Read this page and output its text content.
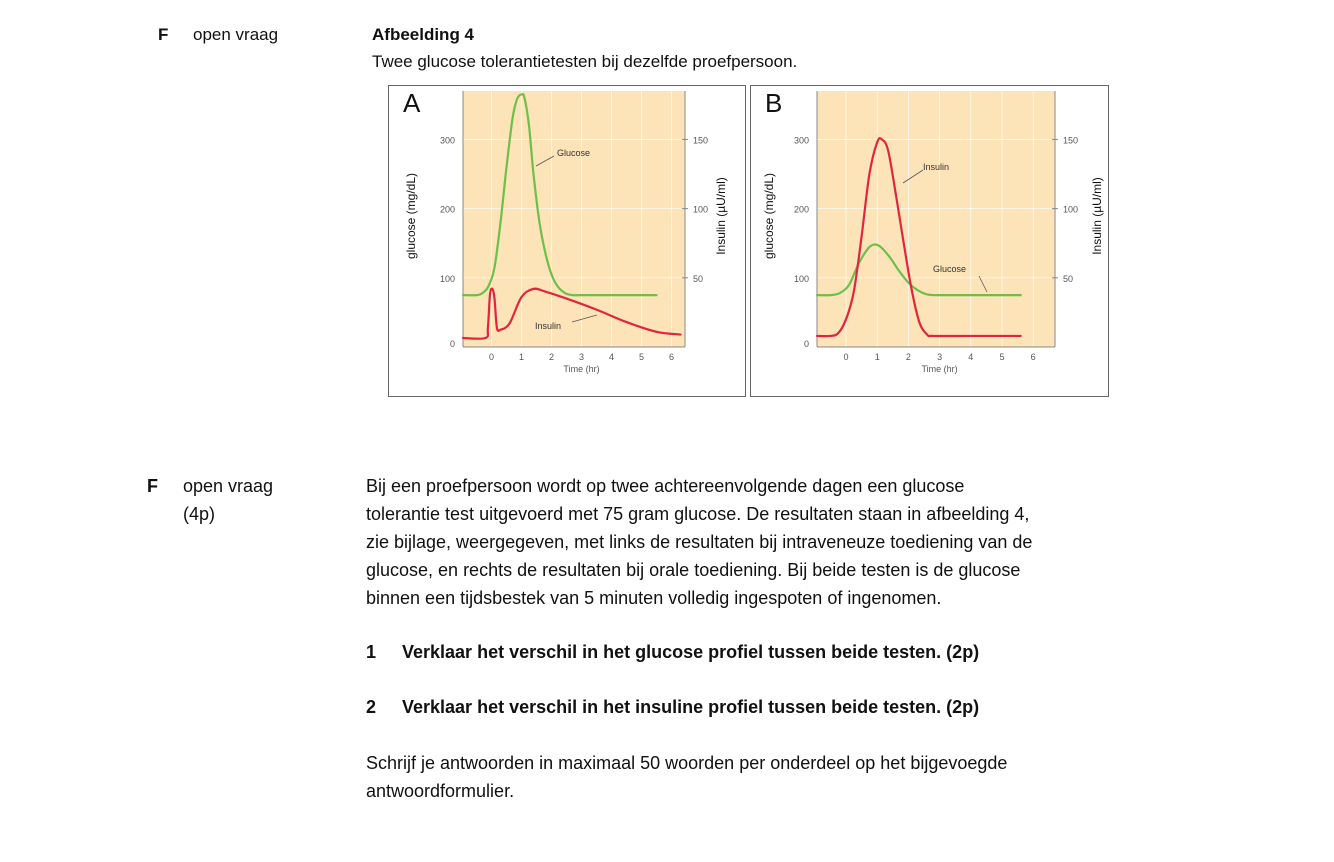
F open vraag	Afbeelding 4
Twee glucose tolerantietesten bij dezelfde proefpersoon.
0	1	2	3	4	5	6
0
100
200
300
50
100
150
Time (hr)
glucose (mg/dL)	Insulin (µU/ml)
A
Glucose
Insulin
0	1	2	3	4	5	6
0
100
200
300
50
100
150
Time (hr)
glucose (mg/dL)	Insulin (µU/ml)
B
Insulin
Glucose
F open vraag
(4p)
Bij een proefpersoon wordt op twee achtereenvolgende dagen een glucose
tolerantie test uitgevoerd met 75 gram glucose. De resultaten staan in afbeelding 4,
zie bijlage, weergegeven, met links de resultaten bij intraveneuze toediening van de
glucose, en rechts de resultaten bij orale toediening. Bij beide testen is de glucose
binnen een tijdsbestek van 5 minuten volledig ingespoten of ingenomen.
1 Verklaar het verschil in het glucose profiel tussen beide testen. (2p)
2 Verklaar het verschil in het insuline profiel tussen beide testen. (2p)
Schrijf je antwoorden in maximaal 50 woorden per onderdeel op het bijgevoegde
antwoordformulier.
